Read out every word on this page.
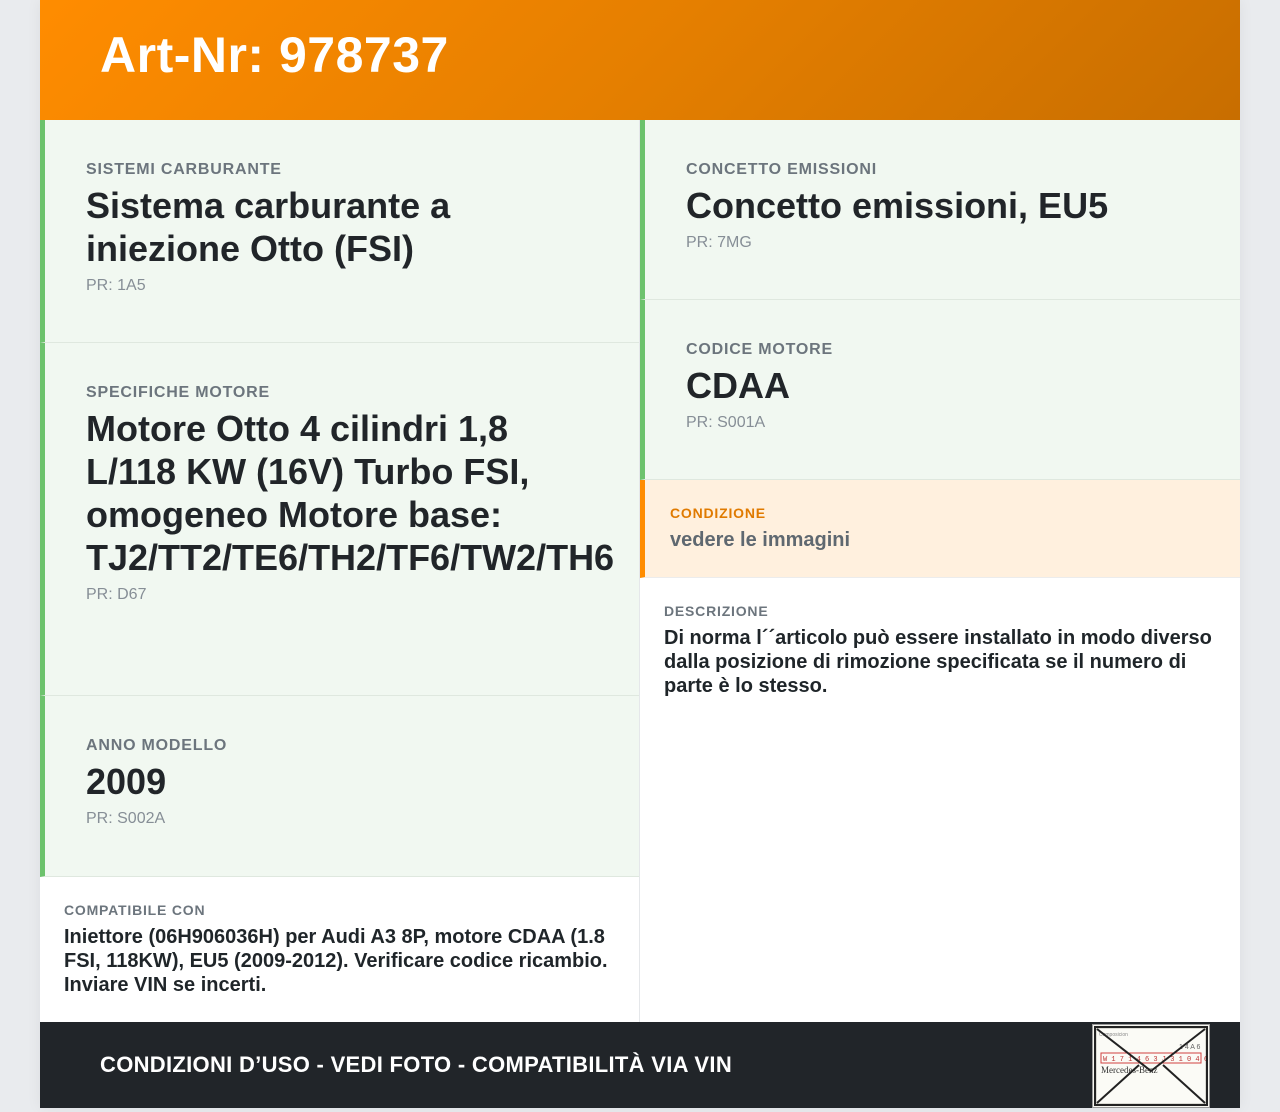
Art-Nr: 978737
SISTEMI CARBURANTE
Sistema carburante a iniezione Otto (FSI)
PR: 1A5
SPECIFICHE MOTORE
Motore Otto 4 cilindri 1,8 L/118 KW (16V) Turbo FSI, omogeneo Motore base: TJ2/TT2/TE6/TH2/TF6/TW2/TH6
PR: D67
ANNO MODELLO
2009
PR: S002A
COMPATIBILE CON
Iniettore (06H906036H) per Audi A3 8P, motore CDAA (1.8 FSI, 118KW), EU5 (2009-2012). Verificare codice ricambio. Inviare VIN se incerti.
CONCETTO EMISSIONI
Concetto emissioni, EU5
PR: 7MG
CODICE MOTORE
CDAA
PR: S001A
CONDIZIONE
vedere le immagini
DESCRIZIONE
Di norma l´´articolo può essere installato in modo diverso dalla posizione di rimozione specificata se il numero di parte è lo stesso.
CONDIZIONI D’USO - VEDI FOTO - COMPATIBILITÀ VIA VIN
Composicion
1 4 A 6
W 1 7 1 4 6 3 J 3 1 0 4 6
Mercedes-Benz
